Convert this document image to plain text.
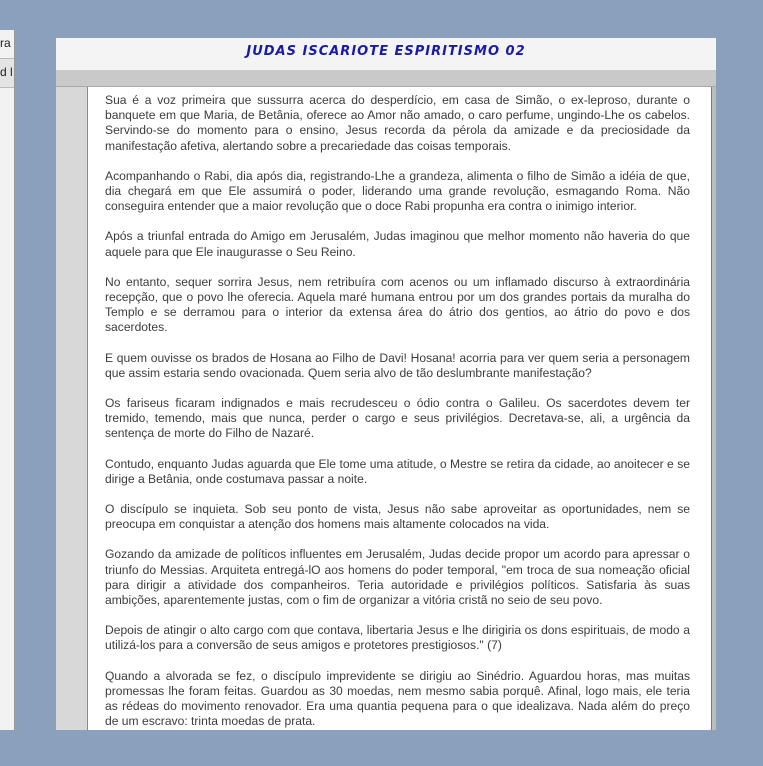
ra
d l
JUDAS ISCARIOTE ESPIRITISMO 02

Sua é a voz primeira que sussurra acerca do desperdício, em casa de Simão, o ex-leproso, durante o banquete em que Maria, de Betânia, oferece ao Amor não amado, o caro perfume, ungindo-Lhe os cabelos. Servindo-se do momento para o ensino, Jesus recorda da pérola da amizade e da preciosidade da manifestação afetiva, alertando sobre a precariedade das coisas temporais.

Acompanhando o Rabi, dia após dia, registrando-Lhe a grandeza, alimenta o filho de Simão a idéia de que, dia chegará em que Ele assumirá o poder, liderando uma grande revolução, esmagando Roma. Não conseguira entender que a maior revolução que o doce Rabi propunha era contra o inimigo interior.

Após a triunfal entrada do Amigo em Jerusalém, Judas imaginou que melhor momento não haveria do que aquele para que Ele inaugurasse o Seu Reino.

No entanto, sequer sorrira Jesus, nem retribuíra com acenos ou um inflamado discurso à extraordinária recepção, que o povo lhe oferecia. Aquela maré humana entrou por um dos grandes portais da muralha do Templo e se derramou para o interior da extensa área do átrio dos gentios, ao átrio do povo e dos sacerdotes.

E quem ouvisse os brados de Hosana ao Filho de Davi! Hosana! acorria para ver quem seria a personagem que assim estaria sendo ovacionada. Quem seria alvo de tão deslumbrante manifestação?

Os fariseus ficaram indignados e mais recrudesceu o ódio contra o Galileu. Os sacerdotes devem ter tremido, temendo, mais que nunca, perder o cargo e seus privilégios. Decretava-se, ali, a urgência da sentença de morte do Filho de Nazaré.

Contudo, enquanto Judas aguarda que Ele tome uma atitude, o Mestre se retira da cidade, ao anoitecer e se dirige a Betânia, onde costumava passar a noite.

O discípulo se inquieta. Sob seu ponto de vista, Jesus não sabe aproveitar as oportunidades, nem se preocupa em conquistar a atenção dos homens mais altamente colocados na vida.

Gozando da amizade de políticos influentes em Jerusalém, Judas decide propor um acordo para apressar o triunfo do Messias. Arquiteta entregá-lO aos homens do poder temporal, "em troca de sua nomeação oficial para dirigir a atividade dos companheiros. Teria autoridade e privilégios políticos. Satisfaria às suas ambições, aparentemente justas, com o fim de organizar a vitória cristã no seio de seu povo.

Depois de atingir o alto cargo com que contava, libertaria Jesus e lhe dirigiria os dons espirituais, de modo a utilizá-los para a conversão de seus amigos e protetores prestigiosos." (7)

Quando a alvorada se fez, o discípulo imprevidente se dirigiu ao Sinédrio. Aguardou horas, mas muitas promessas lhe foram feitas. Guardou as 30 moedas, nem mesmo sabia porquê. Afinal, logo mais, ele teria as rédeas do movimento renovador. Era uma quantia pequena para o que idealizava. Nada além do preço de um escravo: trinta moedas de prata.
